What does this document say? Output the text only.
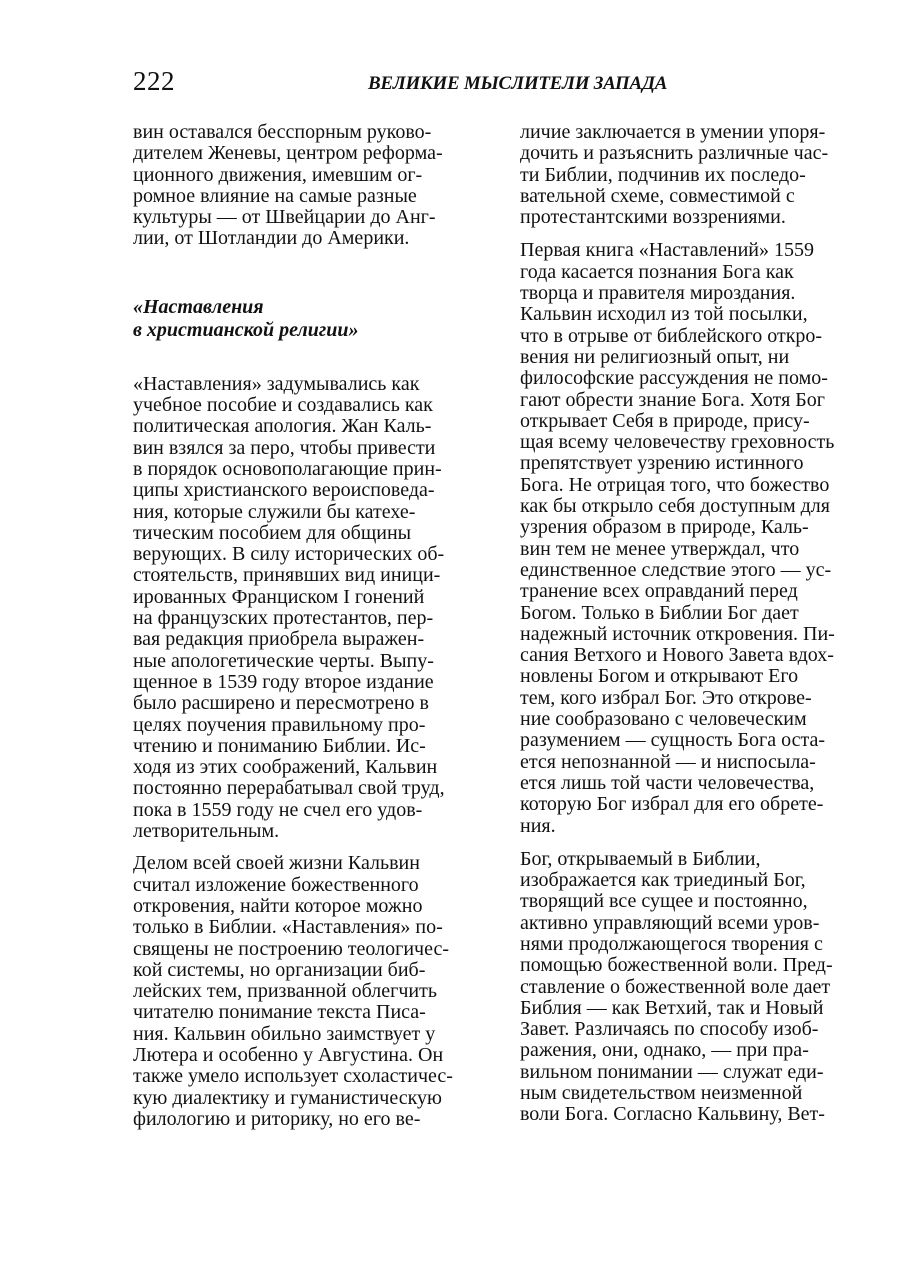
222	ВЕЛИКИЕ МЫСЛИТЕЛИ ЗАПАДА

вин оставался бесспорным руково-
дителем Женевы, центром реформа-
ционного движения, имевшим ог-
ромное влияние на самые разные
культуры — от Швейцарии до Анг-
лии, от Шотландии до Америки.

«Наставления
в христианской религии»

«Наставления» задумывались как
учебное пособие и создавались как
политическая апология. Жан Каль-
вин взялся за перо, чтобы привести
в порядок основополагающие прин-
ципы христианского вероисповеда-
ния, которые служили бы катехе-
тическим пособием для общины
верующих. В силу исторических об-
стоятельств, принявших вид иници-
ированных Франциском I гонений
на французских протестантов, пер-
вая редакция приобрела выражен-
ные апологетические черты. Выпу-
щенное в 1539 году второе издание
было расширено и пересмотрено в
целях поучения правильному про-
чтению и пониманию Библии. Ис-
ходя из этих соображений, Кальвин
постоянно перерабатывал свой труд,
пока в 1559 году не счел его удов-
летворительным.

Делом всей своей жизни Кальвин
считал изложение божественного
откровения, найти которое можно
только в Библии. «Наставления» по-
священы не построению теологичес-
кой системы, но организации биб-
лейских тем, призванной облегчить
читателю понимание текста Писа-
ния. Кальвин обильно заимствует у
Лютера и особенно у Августина. Он
также умело использует схоластичес-
кую диалектику и гуманистическую
филологию и риторику, но его ве-

личие заключается в умении упоря-
дочить и разъяснить различные час-
ти Библии, подчинив их последо-
вательной схеме, совместимой с
протестантскими воззрениями.

Первая книга «Наставлений» 1559
года касается познания Бога как
творца и правителя мироздания.
Кальвин исходил из той посылки,
что в отрыве от библейского откро-
вения ни религиозный опыт, ни
философские рассуждения не помо-
гают обрести знание Бога. Хотя Бог
открывает Себя в природе, прису-
щая всему человечеству греховность
препятствует узрению истинного
Бога. Не отрицая того, что божество
как бы открыло себя доступным для
узрения образом в природе, Каль-
вин тем не менее утверждал, что
единственное следствие этого — ус-
транение всех оправданий перед
Богом. Только в Библии Бог дает
надежный источник откровения. Пи-
сания Ветхого и Нового Завета вдох-
новлены Богом и открывают Его
тем, кого избрал Бог. Это открове-
ние сообразовано с человеческим
разумением — сущность Бога оста-
ется непознанной — и ниспосыла-
ется лишь той части человечества,
которую Бог избрал для его обрете-
ния.

Бог, открываемый в Библии,
изображается как триединый Бог,
творящий все сущее и постоянно,
активно управляющий всеми уров-
нями продолжающегося творения с
помощью божественной воли. Пред-
ставление о божественной воле дает
Библия — как Ветхий, так и Новый
Завет. Различаясь по способу изоб-
ражения, они, однако, — при пра-
вильном понимании — служат еди-
ным свидетельством неизменной
воли Бога. Согласно Кальвину, Вет-
